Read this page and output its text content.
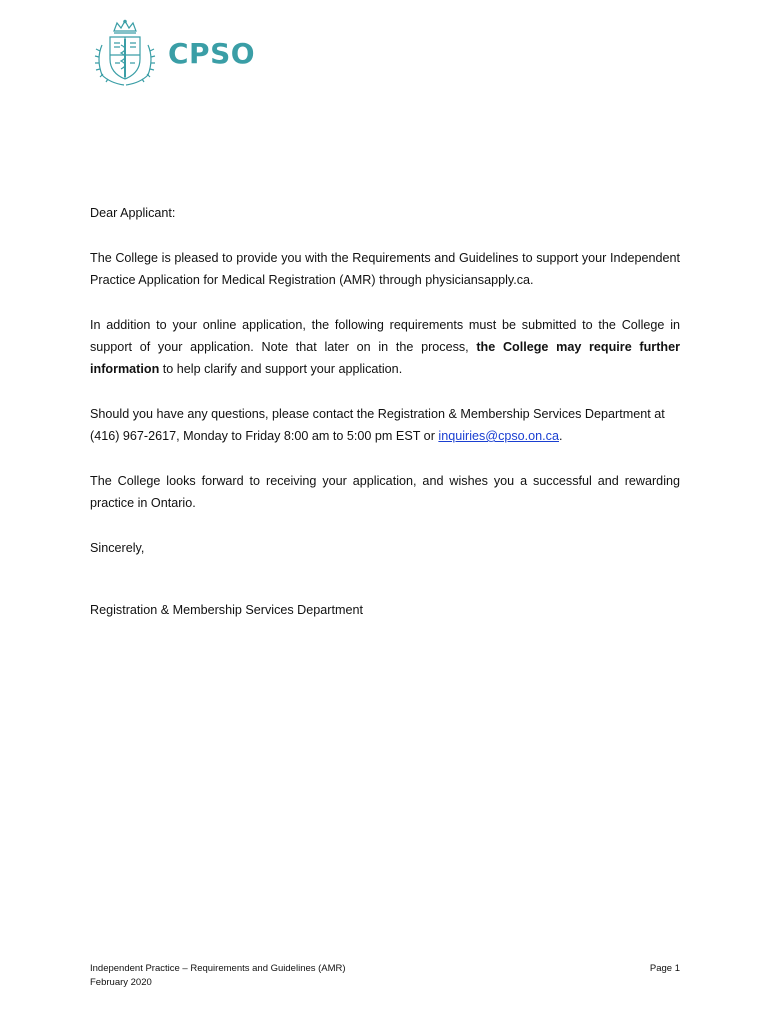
CPSO

Dear Applicant:

The College is pleased to provide you with the Requirements and Guidelines to support your Independent Practice Application for Medical Registration (AMR) through physiciansapply.ca.

In addition to your online application, the following requirements must be submitted to the College in support of your application. Note that later on in the process, the College may require further information to help clarify and support your application.

Should you have any questions, please contact the Registration & Membership Services Department at (416) 967-2617, Monday to Friday 8:00 am to 5:00 pm EST or inquiries@cpso.on.ca.

The College looks forward to receiving your application, and wishes you a successful and rewarding practice in Ontario.

Sincerely,

Registration & Membership Services Department

Independent Practice – Requirements and Guidelines (AMR)
February 2020
Page 1
